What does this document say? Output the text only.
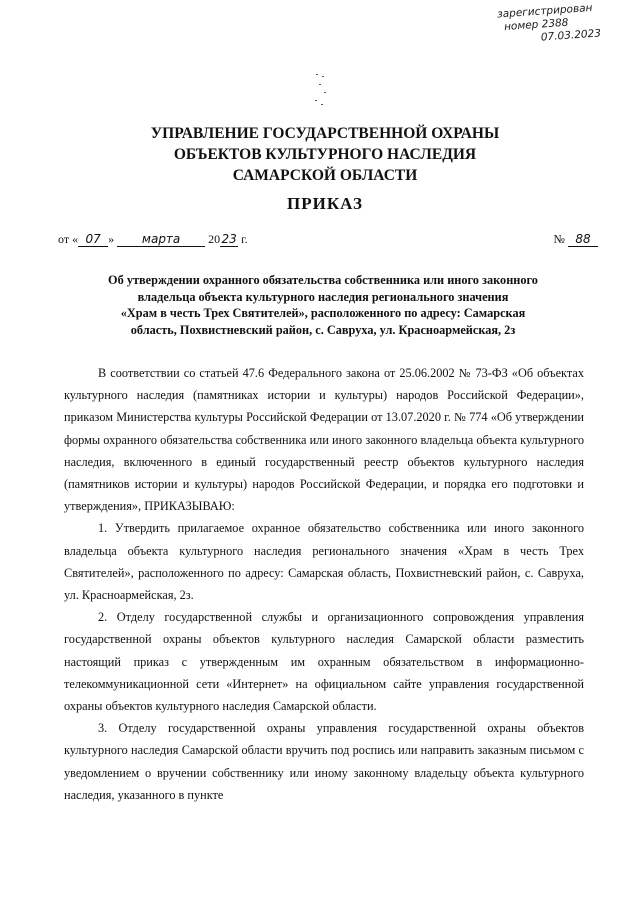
зарегистрирован
номер 2388
07.03.2023
УПРАВЛЕНИЕ ГОСУДАРСТВЕННОЙ ОХРАНЫ
ОБЪЕКТОВ КУЛЬТУРНОГО НАСЛЕДИЯ
САМАРСКОЙ ОБЛАСТИ
ПРИКАЗ
от « 07 » марта 2023 г.	№ 88
Об утверждении охранного обязательства собственника или иного законного
владельца объекта культурного наследия регионального значения
«Храм в честь Трех Святителей», расположенного по адресу: Самарская
область, Похвистневский район, с. Савруха, ул. Красноармейская, 2з

В соответствии со статьей 47.6 Федерального закона от 25.06.2002 № 73-ФЗ «Об объектах культурного наследия (памятниках истории и культуры) народов Российской Федерации», приказом Министерства культуры Российской Федерации от 13.07.2020 г. № 774 «Об утверждении формы охранного обязательства собственника или иного законного владельца объекта культурного наследия, включенного в единый государственный реестр объектов культурного наследия (памятников истории и культуры) народов Российской Федерации, и порядка его подготовки и утверждения», ПРИКАЗЫВАЮ:

1. Утвердить прилагаемое охранное обязательство собственника или иного законного владельца объекта культурного наследия регионального значения «Храм в честь Трех Святителей», расположенного по адресу: Самарская область, Похвистневский район, с. Савруха, ул. Красноармейская, 2з.

2. Отделу государственной службы и организационного сопровождения управления государственной охраны объектов культурного наследия Самарской области разместить настоящий приказ с утвержденным им охранным обязательством в информационно-телекоммуникационной сети «Интернет» на официальном сайте управления государственной охраны объектов культурного наследия Самарской области.

3. Отделу государственной охраны управления государственной охраны объектов культурного наследия Самарской области вручить под роспись или направить заказным письмом с уведомлением о вручении собственнику или иному законному владельцу объекта культурного наследия, указанного в пункте
